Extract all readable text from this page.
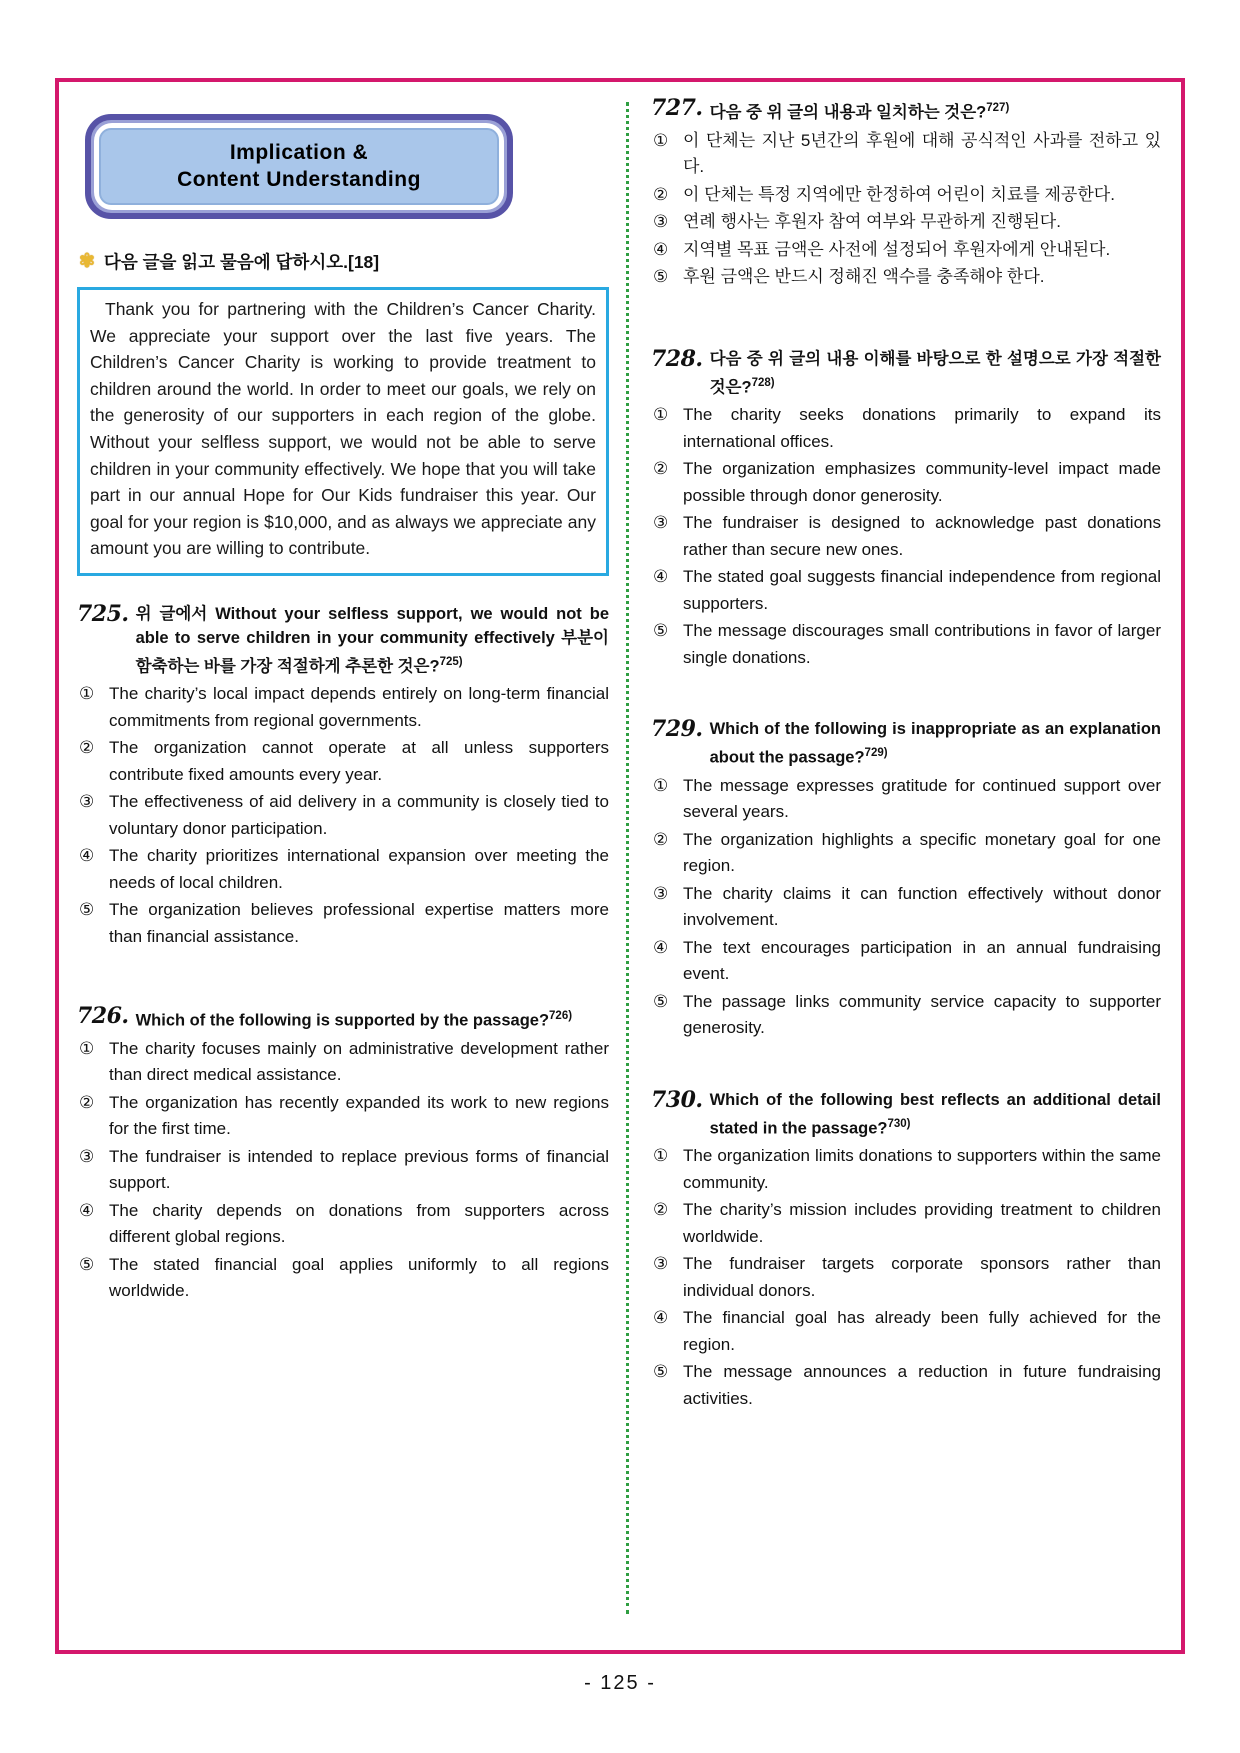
Implication &
Content Understanding
✾ 다음 글을 읽고 물음에 답하시오.[18]

Thank you for partnering with the Children’s Cancer Charity. We appreciate your support over the last five years. The Children’s Cancer Charity is working to provide treatment to children around the world. In order to meet our goals, we rely on the generosity of our supporters in each region of the globe. Without your selfless support, we would not be able to serve children in your community effectively. We hope that you will take part in our annual Hope for Our Kids fundraiser this year. Our goal for your region is $10,000, and as always we appreciate any amount you are willing to contribute.

725. 위 글에서 Without your selfless support, we would not be able to serve children in your community effectively 부분이 함축하는 바를 가장 적절하게 추론한 것은?$^{725)}$
① The charity’s local impact depends entirely on long-term financial commitments from regional governments.
② The organization cannot operate at all unless supporters contribute fixed amounts every year.
③ The effectiveness of aid delivery in a community is closely tied to voluntary donor participation.
④ The charity prioritizes international expansion over meeting the needs of local children.
⑤ The organization believes professional expertise matters more than financial assistance.
726. Which of the following is supported by the passage?$^{726)}$
① The charity focuses mainly on administrative development rather than direct medical assistance.
② The organization has recently expanded its work to new regions for the first time.
③ The fundraiser is intended to replace previous forms of financial support.
④ The charity depends on donations from supporters across different global regions.
⑤ The stated financial goal applies uniformly to all regions worldwide.
727. 다음 중 위 글의 내용과 일치하는 것은?$^{727)}$
① 이 단체는 지난 5년간의 후원에 대해 공식적인 사과를 전하고 있다.
② 이 단체는 특정 지역에만 한정하여 어린이 치료를 제공한다.
③ 연례 행사는 후원자 참여 여부와 무관하게 진행된다.
④ 지역별 목표 금액은 사전에 설정되어 후원자에게 안내된다.
⑤ 후원 금액은 반드시 정해진 액수를 충족해야 한다.
728. 다음 중 위 글의 내용 이해를 바탕으로 한 설명으로 가장 적절한 것은?$^{728)}$
① The charity seeks donations primarily to expand its international offices.
② The organization emphasizes community-level impact made possible through donor generosity.
③ The fundraiser is designed to acknowledge past donations rather than secure new ones.
④ The stated goal suggests financial independence from regional supporters.
⑤ The message discourages small contributions in favor of larger single donations.
729. Which of the following is inappropriate as an explanation about the passage?$^{729)}$
① The message expresses gratitude for continued support over several years.
② The organization highlights a specific monetary goal for one region.
③ The charity claims it can function effectively without donor involvement.
④ The text encourages participation in an annual fundraising event.
⑤ The passage links community service capacity to supporter generosity.
730. Which of the following best reflects an additional detail stated in the passage?$^{730)}$
① The organization limits donations to supporters within the same community.
② The charity’s mission includes providing treatment to children worldwide.
③ The fundraiser targets corporate sponsors rather than individual donors.
④ The financial goal has already been fully achieved for the region.
⑤ The message announces a reduction in future fundraising activities.
- 125 -
